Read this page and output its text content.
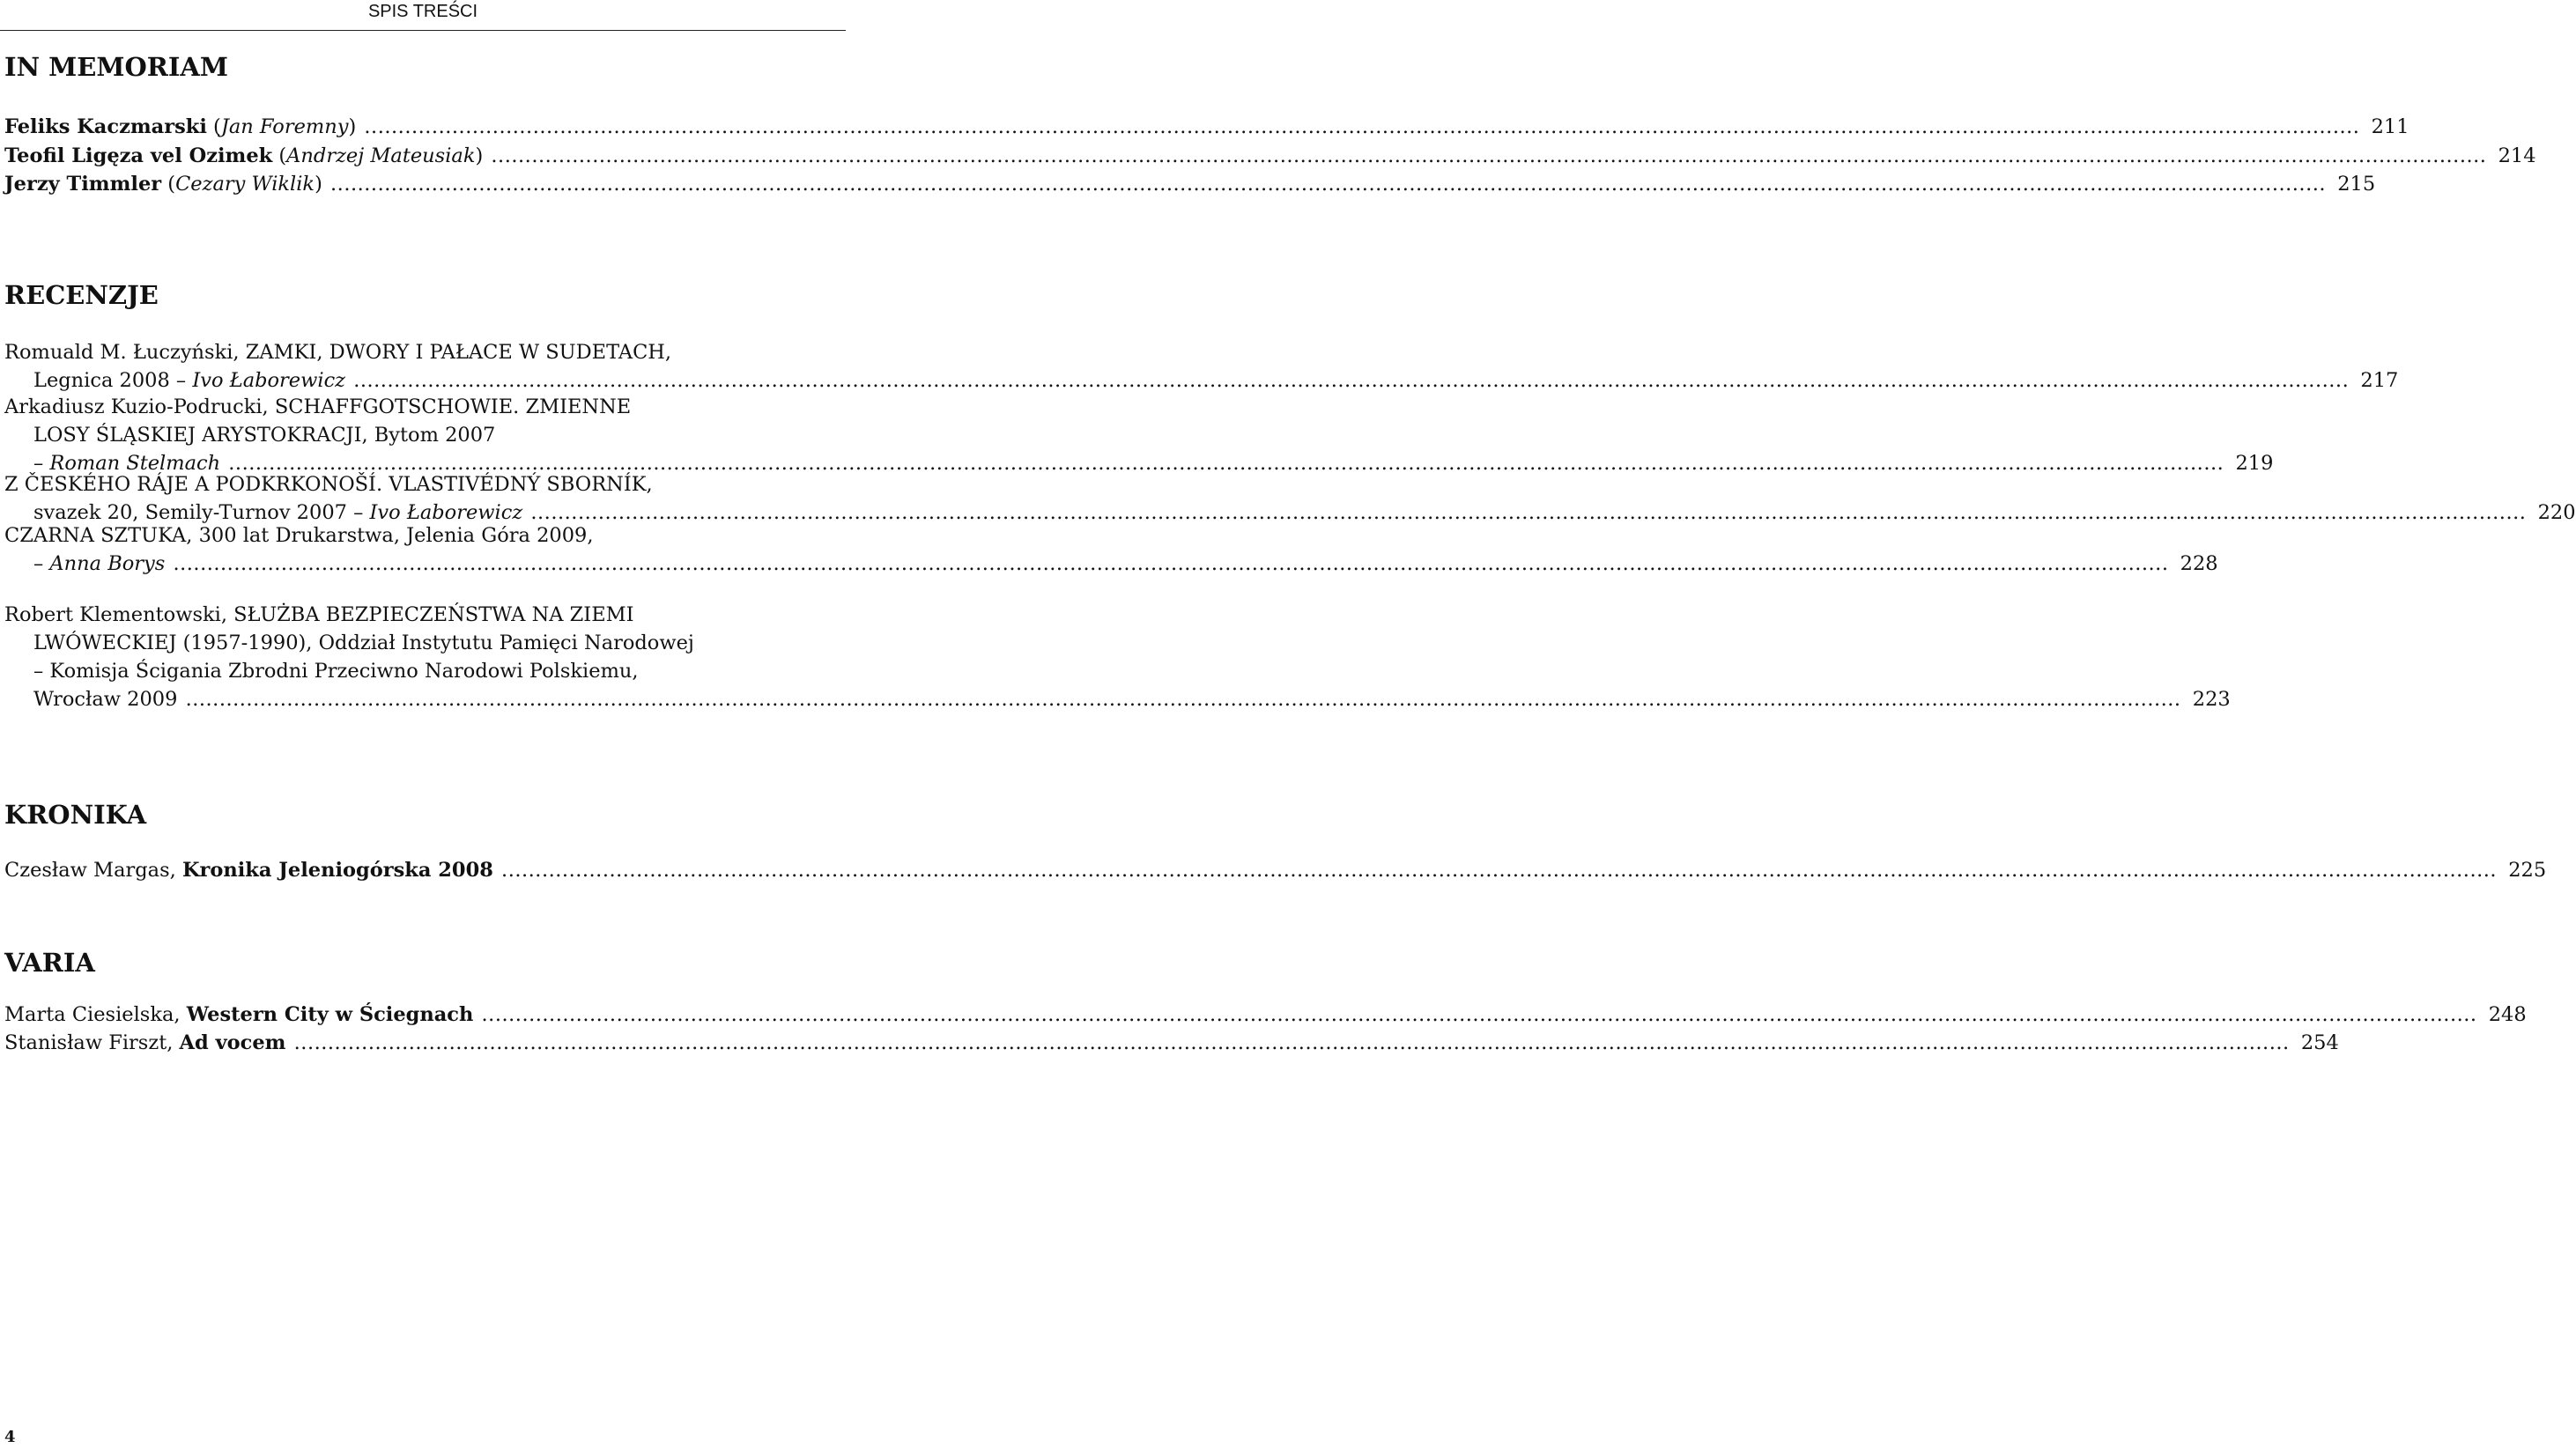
SPIS TREŚCI
IN MEMORIAM
Feliks Kaczmarski (Jan Foremny) .....	211
Teofil Ligęza vel Ozimek (Andrzej Mateusiak) .....	214
Jerzy Timmler (Cezary Wiklik) .....	215
RECENZJE
Romuald M. Łuczyński, ZAMKI, DWORY I PAŁACE W SUDETACH,
Legnica 2008 – Ivo Łaborewicz .....	217
Arkadiusz Kuzio-Podrucki, SCHAFFGOTSCHOWIE. ZMIENNE
LOSY ŚLĄSKIEJ ARYSTOKRACJI, Bytom 2007
– Roman Stelmach .....	219
Z ČESKÉHO RÁJE A PODKRKONOŠÍ. VLASTIVÉDNÝ SBORNÍK,
svazek 20, Semily-Turnov 2007 – Ivo Łaborewicz .....	220
CZARNA SZTUKA, 300 lat Drukarstwa, Jelenia Góra 2009,
– Anna Borys .....	228
Robert Klementowski, SŁUŻBA BEZPIECZEŃSTWA NA ZIEMI
LWÓWECKIEJ (1957-1990), Oddział Instytutu Pamięci Narodowej
– Komisja Ścigania Zbrodni Przeciwno Narodowi Polskiemu,
Wrocław 2009 .....	223
KRONIKA
Czesław Margas, Kronika Jeleniogórska 2008 .....	225
VARIA
Marta Ciesielska, Western City w Ściegnach .....	248
Stanisław Firszt, Ad vocem .....	254
4
